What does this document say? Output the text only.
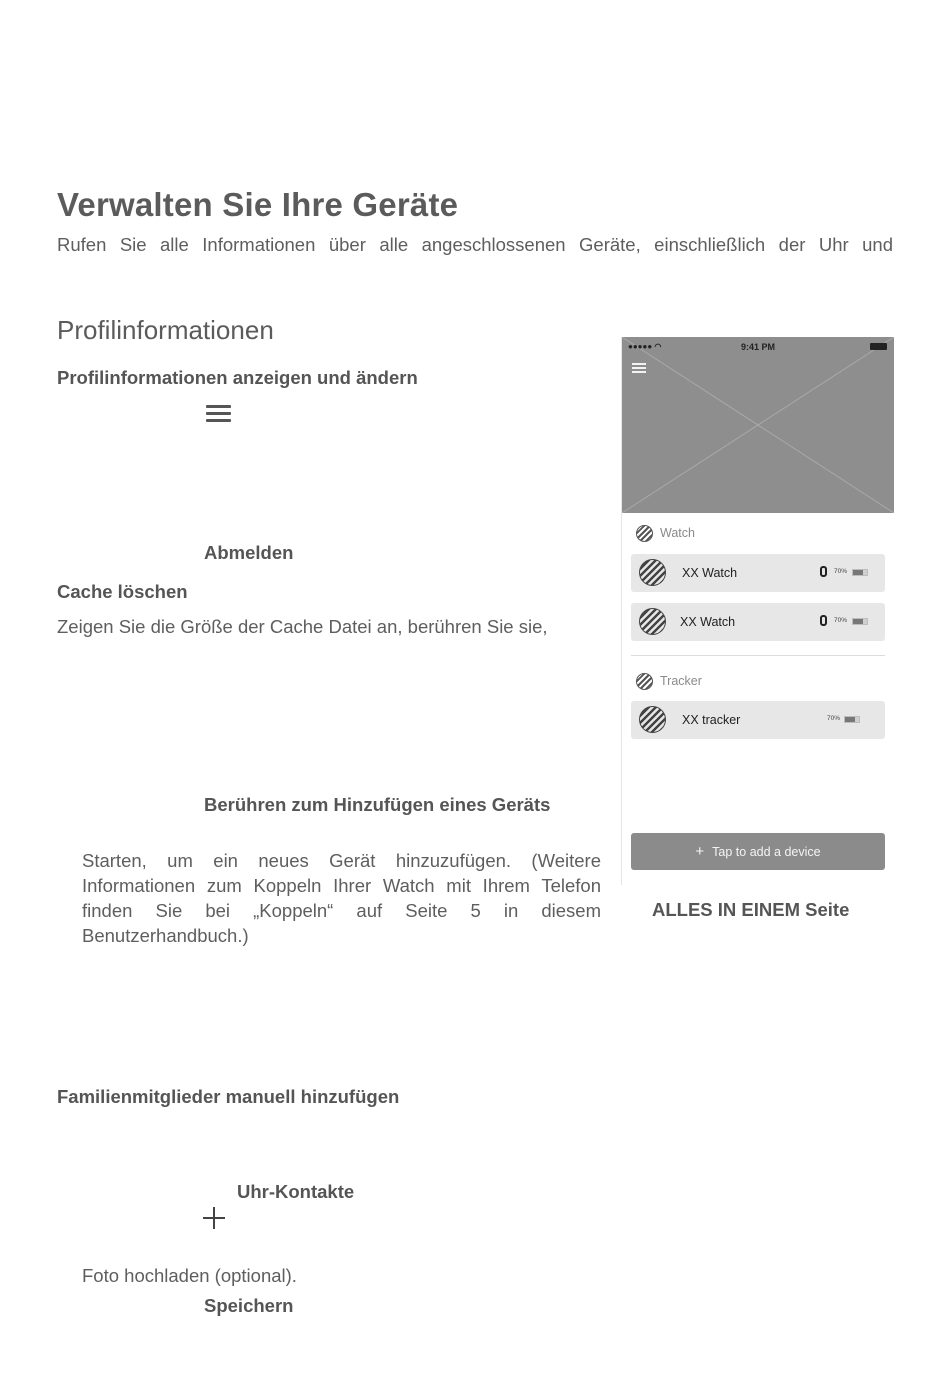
Verwalten Sie Ihre Geräte
Rufen Sie alle Informationen über alle angeschlossenen Geräte, einschließlich der Uhr und
Profilinformationen
Profilinformationen anzeigen und ändern
Abmelden
Cache löschen
Zeigen Sie die Größe der Cache Datei an, berühren Sie sie,
Berühren zum Hinzufügen eines Geräts
Starten, um ein neues Gerät hinzuzufügen. (Weitere Informationen zum Koppeln Ihrer Watch mit Ihrem Telefon finden Sie bei „Koppeln“ auf Seite 5 in diesem Benutzerhandbuch.)
●●●●● ◠	9:41 PM
Watch
XX Watch	70%
XX Watch	70%
Tracker
XX tracker	70%
+ Tap to add a device
ALLES IN EINEM Seite
Familienmitglieder manuell hinzufügen
Uhr-Kontakte
Foto hochladen (optional).
Speichern
